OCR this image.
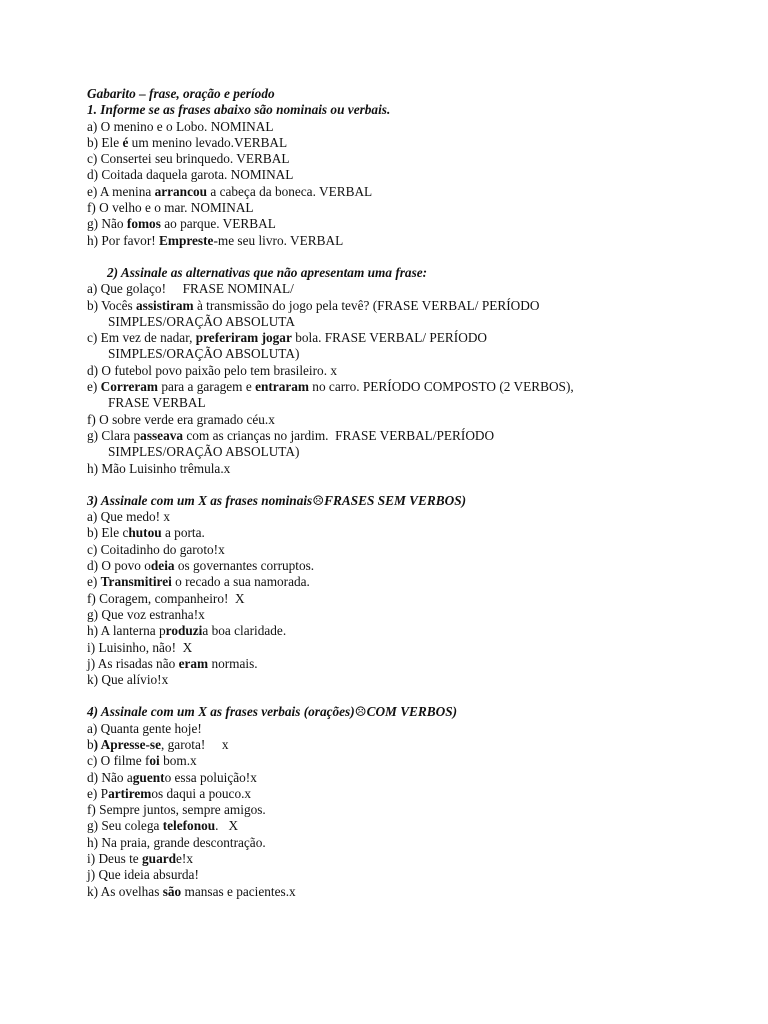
Gabarito – frase, oração e período
1. Informe se as frases abaixo são nominais ou verbais.
a) O menino e o Lobo. NOMINAL
b) Ele é um menino levado.VERBAL
c) Consertei seu brinquedo. VERBAL
d) Coitada daquela garota. NOMINAL
e) A menina arrancou a cabeça da boneca. VERBAL
f) O velho e o mar. NOMINAL
g) Não fomos ao parque. VERBAL
h) Por favor! Empreste-me seu livro. VERBAL
2) Assinale as alternativas que não apresentam uma frase:
a) Que golaço!     FRASE NOMINAL/
b) Vocês assistiram à transmissão do jogo pela tevê? (FRASE VERBAL/ PERÍODO
SIMPLES/ORAÇÃO ABSOLUTA
c) Em vez de nadar, preferiram jogar bola. FRASE VERBAL/ PERÍODO
SIMPLES/ORAÇÃO ABSOLUTA)
d) O futebol povo paixão pelo tem brasileiro. x
e) Correram para a garagem e entraram no carro. PERÍODO COMPOSTO (2 VERBOS),
FRASE VERBAL
f) O sobre verde era gramado céu.x
g) Clara passeava com as crianças no jardim.  FRASE VERBAL/PERÍODO
SIMPLES/ORAÇÃO ABSOLUTA)
h) Mão Luisinho trêmula.x
3) Assinale com um X as frases nominais☹FRASES SEM VERBOS)
a) Que medo! x
b) Ele chutou a porta.
c) Coitadinho do garoto!x
d) O povo odeia os governantes corruptos.
e) Transmitirei o recado a sua namorada.
f) Coragem, companheiro!  X
g) Que voz estranha!x
h) A lanterna produzia boa claridade.
i) Luisinho, não!  X
j) As risadas não eram normais.
k) Que alívio!x
4) Assinale com um X as frases verbais (orações)☹COM VERBOS)
a) Quanta gente hoje!
b) Apresse-se, garota!     x
c) O filme foi bom.x
d) Não aguento essa poluição!x
e) Partiremos daqui a pouco.x
f) Sempre juntos, sempre amigos.
g) Seu colega telefonou.   X
h) Na praia, grande descontração.
i) Deus te guarde!x
j) Que ideia absurda!
k) As ovelhas são mansas e pacientes.x
